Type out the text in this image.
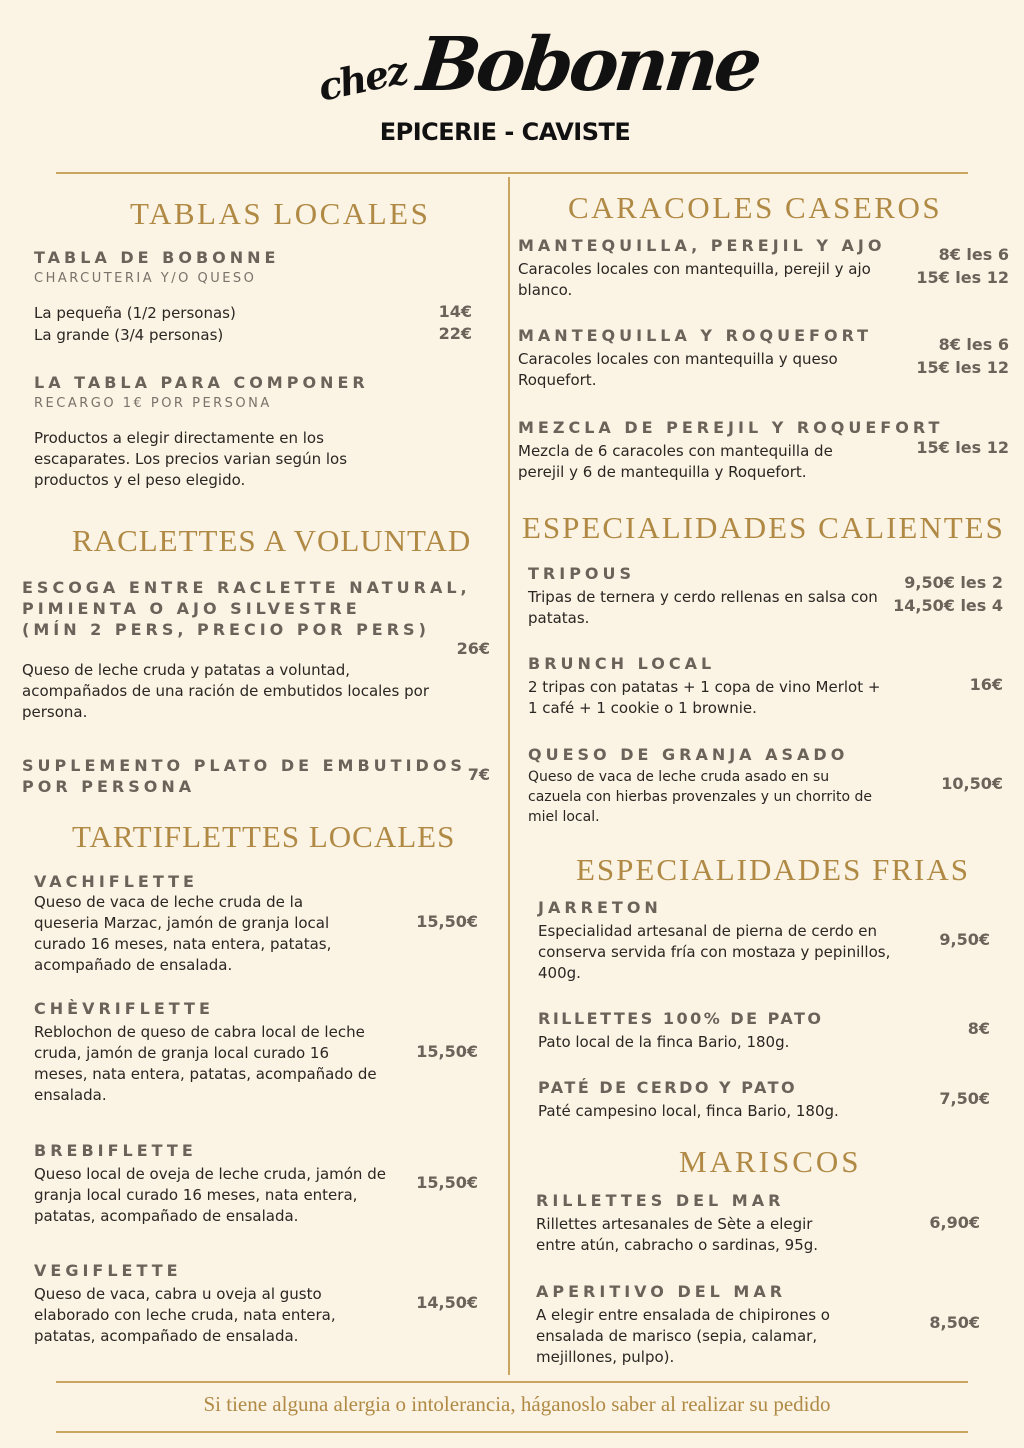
chez Bobonne
EPICERIE - CAVISTE
TABLAS LOCALES
TABLA DE BOBONNE
CHARCUTERIA Y/O QUESO
La pequeña (1/2 personas)
La grande (3/4 personas)
14€
22€
LA TABLA PARA COMPONER
RECARGO 1€ POR PERSONA
Productos a elegir directamente en los escaparates. Los precios varian según los productos y el peso elegido.
RACLETTES A VOLUNTAD
ESCOGA ENTRE RACLETTE NATURAL,
PIMIENTA O AJO SILVESTRE
(MÍN 2 PERS, PRECIO POR PERS)
26€
Queso de leche cruda y patatas a voluntad, acompañados de una ración de embutidos locales por persona.
SUPLEMENTO PLATO DE EMBUTIDOS
POR PERSONA
7€
TARTIFLETTES LOCALES
VACHIFLETTE
Queso de vaca de leche cruda de la queseria Marzac, jamón de granja local curado 16 meses, nata entera, patatas, acompañado de ensalada.
15,50€
CHÈVRIFLETTE
Reblochon de queso de cabra local de leche cruda, jamón de granja local curado 16 meses, nata entera, patatas, acompañado de ensalada.
15,50€
BREBIFLETTE
Queso local de oveja de leche cruda, jamón de granja local curado 16 meses, nata entera, patatas, acompañado de ensalada.
15,50€
VEGIFLETTE
Queso de vaca, cabra u oveja al gusto elaborado con leche cruda, nata entera, patatas, acompañado de ensalada.
14,50€
CARACOLES CASEROS
MANTEQUILLA, PEREJIL Y AJO
Caracoles locales con mantequilla, perejil y ajo blanco.
8€ les 6
15€ les 12
MANTEQUILLA Y ROQUEFORT
Caracoles locales con mantequilla y queso Roquefort.
8€ les 6
15€ les 12
MEZCLA DE PEREJIL Y ROQUEFORT
Mezcla de 6 caracoles con mantequilla de perejil y 6 de mantequilla y Roquefort.
15€ les 12
ESPECIALIDADES CALIENTES
TRIPOUS
Tripas de ternera y cerdo rellenas en salsa con patatas.
9,50€ les 2
14,50€ les 4
BRUNCH LOCAL
2 tripas con patatas + 1 copa de vino Merlot + 1 café + 1 cookie o 1 brownie.
16€
QUESO DE GRANJA ASADO
Queso de vaca de leche cruda asado en su cazuela con hierbas provenzales y un chorrito de miel local.
10,50€
ESPECIALIDADES FRIAS
JARRETON
Especialidad artesanal de pierna de cerdo en conserva servida fría con mostaza y pepinillos, 400g.
9,50€
RILLETTES 100% DE PATO
Pato local de la finca Bario, 180g.
8€
PATÉ DE CERDO Y PATO
Paté campesino local, finca Bario, 180g.
7,50€
MARISCOS
RILLETTES DEL MAR
Rillettes artesanales de Sète a elegir entre atún, cabracho o sardinas, 95g.
6,90€
APERITIVO DEL MAR
A elegir entre ensalada de chipirones o ensalada de marisco (sepia, calamar, mejillones, pulpo).
8,50€
Si tiene alguna alergia o intolerancia, háganoslo saber al realizar su pedido
